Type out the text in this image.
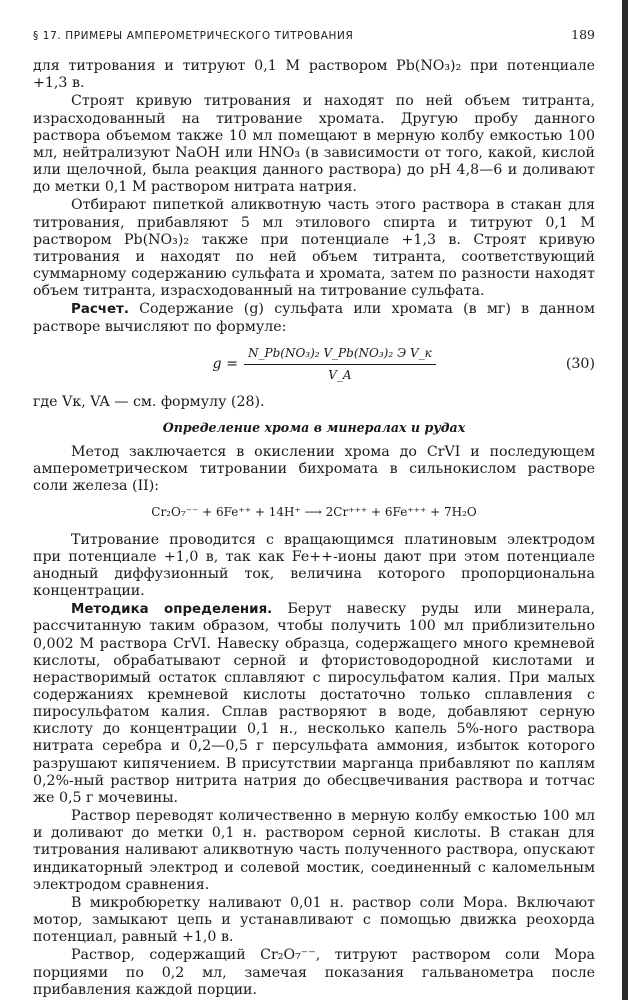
§ 17. ПРИМЕРЫ АМПЕРОМЕТРИЧЕСКОГО ТИТРОВАНИЯ	189

для титрования и титруют 0,1 М раствором Pb(NO₃)₂ при потенциале +1,3 в.

Строят кривую титрования и находят по ней объем титранта, израсходованный на титрование хромата. Другую пробу данного раствора объемом также 10 мл помещают в мерную колбу емкостью 100 мл, нейтрализуют NaOH или HNO₃ (в зависимости от того, какой, кислой или щелочной, была реакция данного раствора) до pH 4,8—6 и доливают до метки 0,1 М раствором нитрата натрия.

Отбирают пипеткой аликвотную часть этого раствора в стакан для титрования, прибавляют 5 мл этилового спирта и титруют 0,1 М раствором Pb(NO₃)₂ также при потенциале +1,3 в. Строят кривую титрования и находят по ней объем титранта, соответствующий суммарному содержанию сульфата и хромата, затем по разности находят объем титранта, израсходованный на титрование сульфата.

Расчет. Содержание (g) сульфата или хромата (в мг) в данном растворе вычисляют по формуле:

$g = \frac{\text{N\_Pb(NO₃)₂ V\_Pb(NO₃)₂ Э V\_к}}{V\_A}$	(30)

где Vк, VA — см. формулу (28).

Определение хрома в минералах и рудах

Метод заключается в окислении хрома до CrVI и последующем амперометрическом титровании бихромата в сильнокислом растворе соли железа (II):

Cr₂O₇⁻⁻ + 6Fe⁺⁺ + 14H⁺ ⟶ 2Cr⁺⁺⁺ + 6Fe⁺⁺⁺ + 7H₂O

Титрование проводится с вращающимся платиновым электродом при потенциале +1,0 в, так как Fe++-ионы дают при этом потенциале анодный диффузионный ток, величина которого пропорциональна концентрации.

Методика определения. Берут навеску руды или минерала, рассчитанную таким образом, чтобы получить 100 мл приблизительно 0,002 М раствора CrVI. Навеску образца, содержащего много кремневой кислоты, обрабатывают серной и фтористоводородной кислотами и нерастворимый остаток сплавляют с пиросульфатом калия. При малых содержаниях кремневой кислоты достаточно только сплавления с пиросульфатом калия. Сплав растворяют в воде, добавляют серную кислоту до концентрации 0,1 н., несколько капель 5%-ного раствора нитрата серебра и 0,2—0,5 г персульфата аммония, избыток которого разрушают кипячением. В присутствии марганца прибавляют по каплям 0,2%-ный раствор нитрита натрия до обесцвечивания раствора и тотчас же 0,5 г мочевины.

Раствор переводят количественно в мерную колбу емкостью 100 мл и доливают до метки 0,1 н. раствором серной кислоты. В стакан для титрования наливают аликвотную часть полученного раствора, опускают индикаторный электрод и солевой мостик, соединенный с каломельным электродом сравнения.

В микробюретку наливают 0,01 н. раствор соли Мора. Включают мотор, замыкают цепь и устанавливают с помощью движка реохорда потенциал, равный +1,0 в.

Раствор, содержащий Cr₂O₇⁻⁻, титруют раствором соли Мора порциями по 0,2 мл, замечая показания гальванометра после прибавления каждой порции.
